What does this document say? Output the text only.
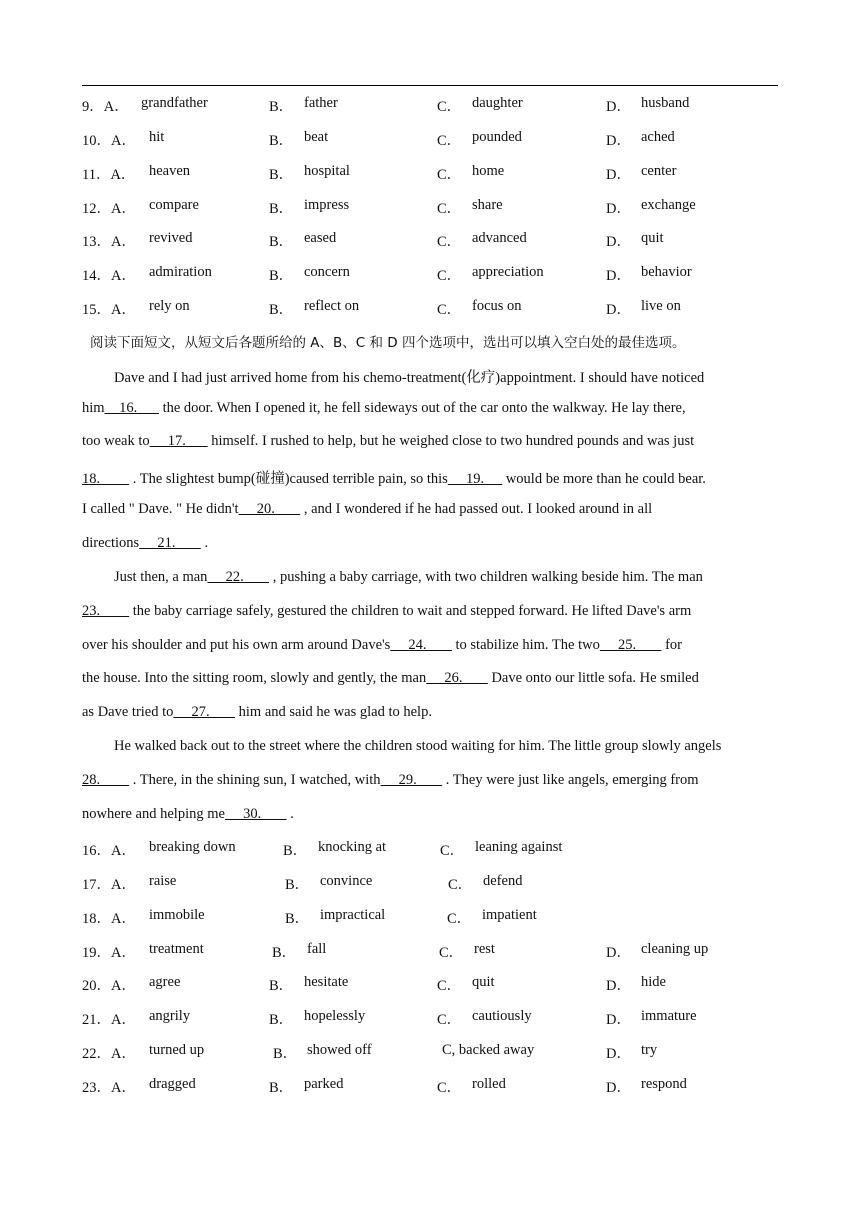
9．A． grandfather	B． father	C． daughter	D． husband
10．A． hit	B． beat	C． pounded	D． ached
11．A． heaven	B． hospital	C． home	D． center
12．A． compare	B． impress	C． share	D． exchange
13．A． revived	B． eased	C． advanced	D． quit
14．A． admiration	B． concern	C． appreciation	D． behavior
15．A． rely on	B． reflect on	C． focus on	D． live on
阅读下面短文，从短文后各题所给的 A、B、C 和 D 四个选项中，选出可以填入空白处的最佳选项。
Dave and I had just arrived home from his chemo-treatment(化疗)appointment. I should have noticed
him    16.       the door. When I opened it, he fell sideways out of the car onto the walkway. He lay there,
too weak to     17.       himself. I rushed to help, but he weighed close to two hundred pounds and was just
18.         . The slightest bump(碰撞)caused terrible pain, so this     19.      would be more than he could bear.
I called " Dave. " He didn't     20.        , and I wondered if he had passed out. I looked around in all
directions     21.        .
Just then, a man     22.        , pushing a baby carriage, with two children walking beside him. The man
23.         the baby carriage safely, gestured the children to wait and stepped forward. He lifted Dave's arm
over his shoulder and put his own arm around Dave's     24.        to stabilize him. The two     25.        for
the house. Into the sitting room, slowly and gently, the man     26.        Dave onto our little sofa. He smiled
as Dave tried to     27.        him and said he was glad to help.
He walked back out to the street where the children stood waiting for him. The little group slowly angels
28.         . There, in the shining sun, I watched, with     29.        . They were just like angels, emerging from
nowhere and helping me     30.        .
16．A． breaking down	B． knocking at	C． leaning against
17．A． raise	B． convince	C． defend
18．A． immobile	B． impractical	C． impatient
19．A． treatment	B． fall	C． rest	D． cleaning up
20．A． agree	B． hesitate	C． quit	D． hide
21．A． angrily	B． hopelessly	C． cautiously	D． immature
22．A． turned up	B． showed off	C, backed away	D． try
23．A． dragged	B． parked	C． rolled	D． respond
